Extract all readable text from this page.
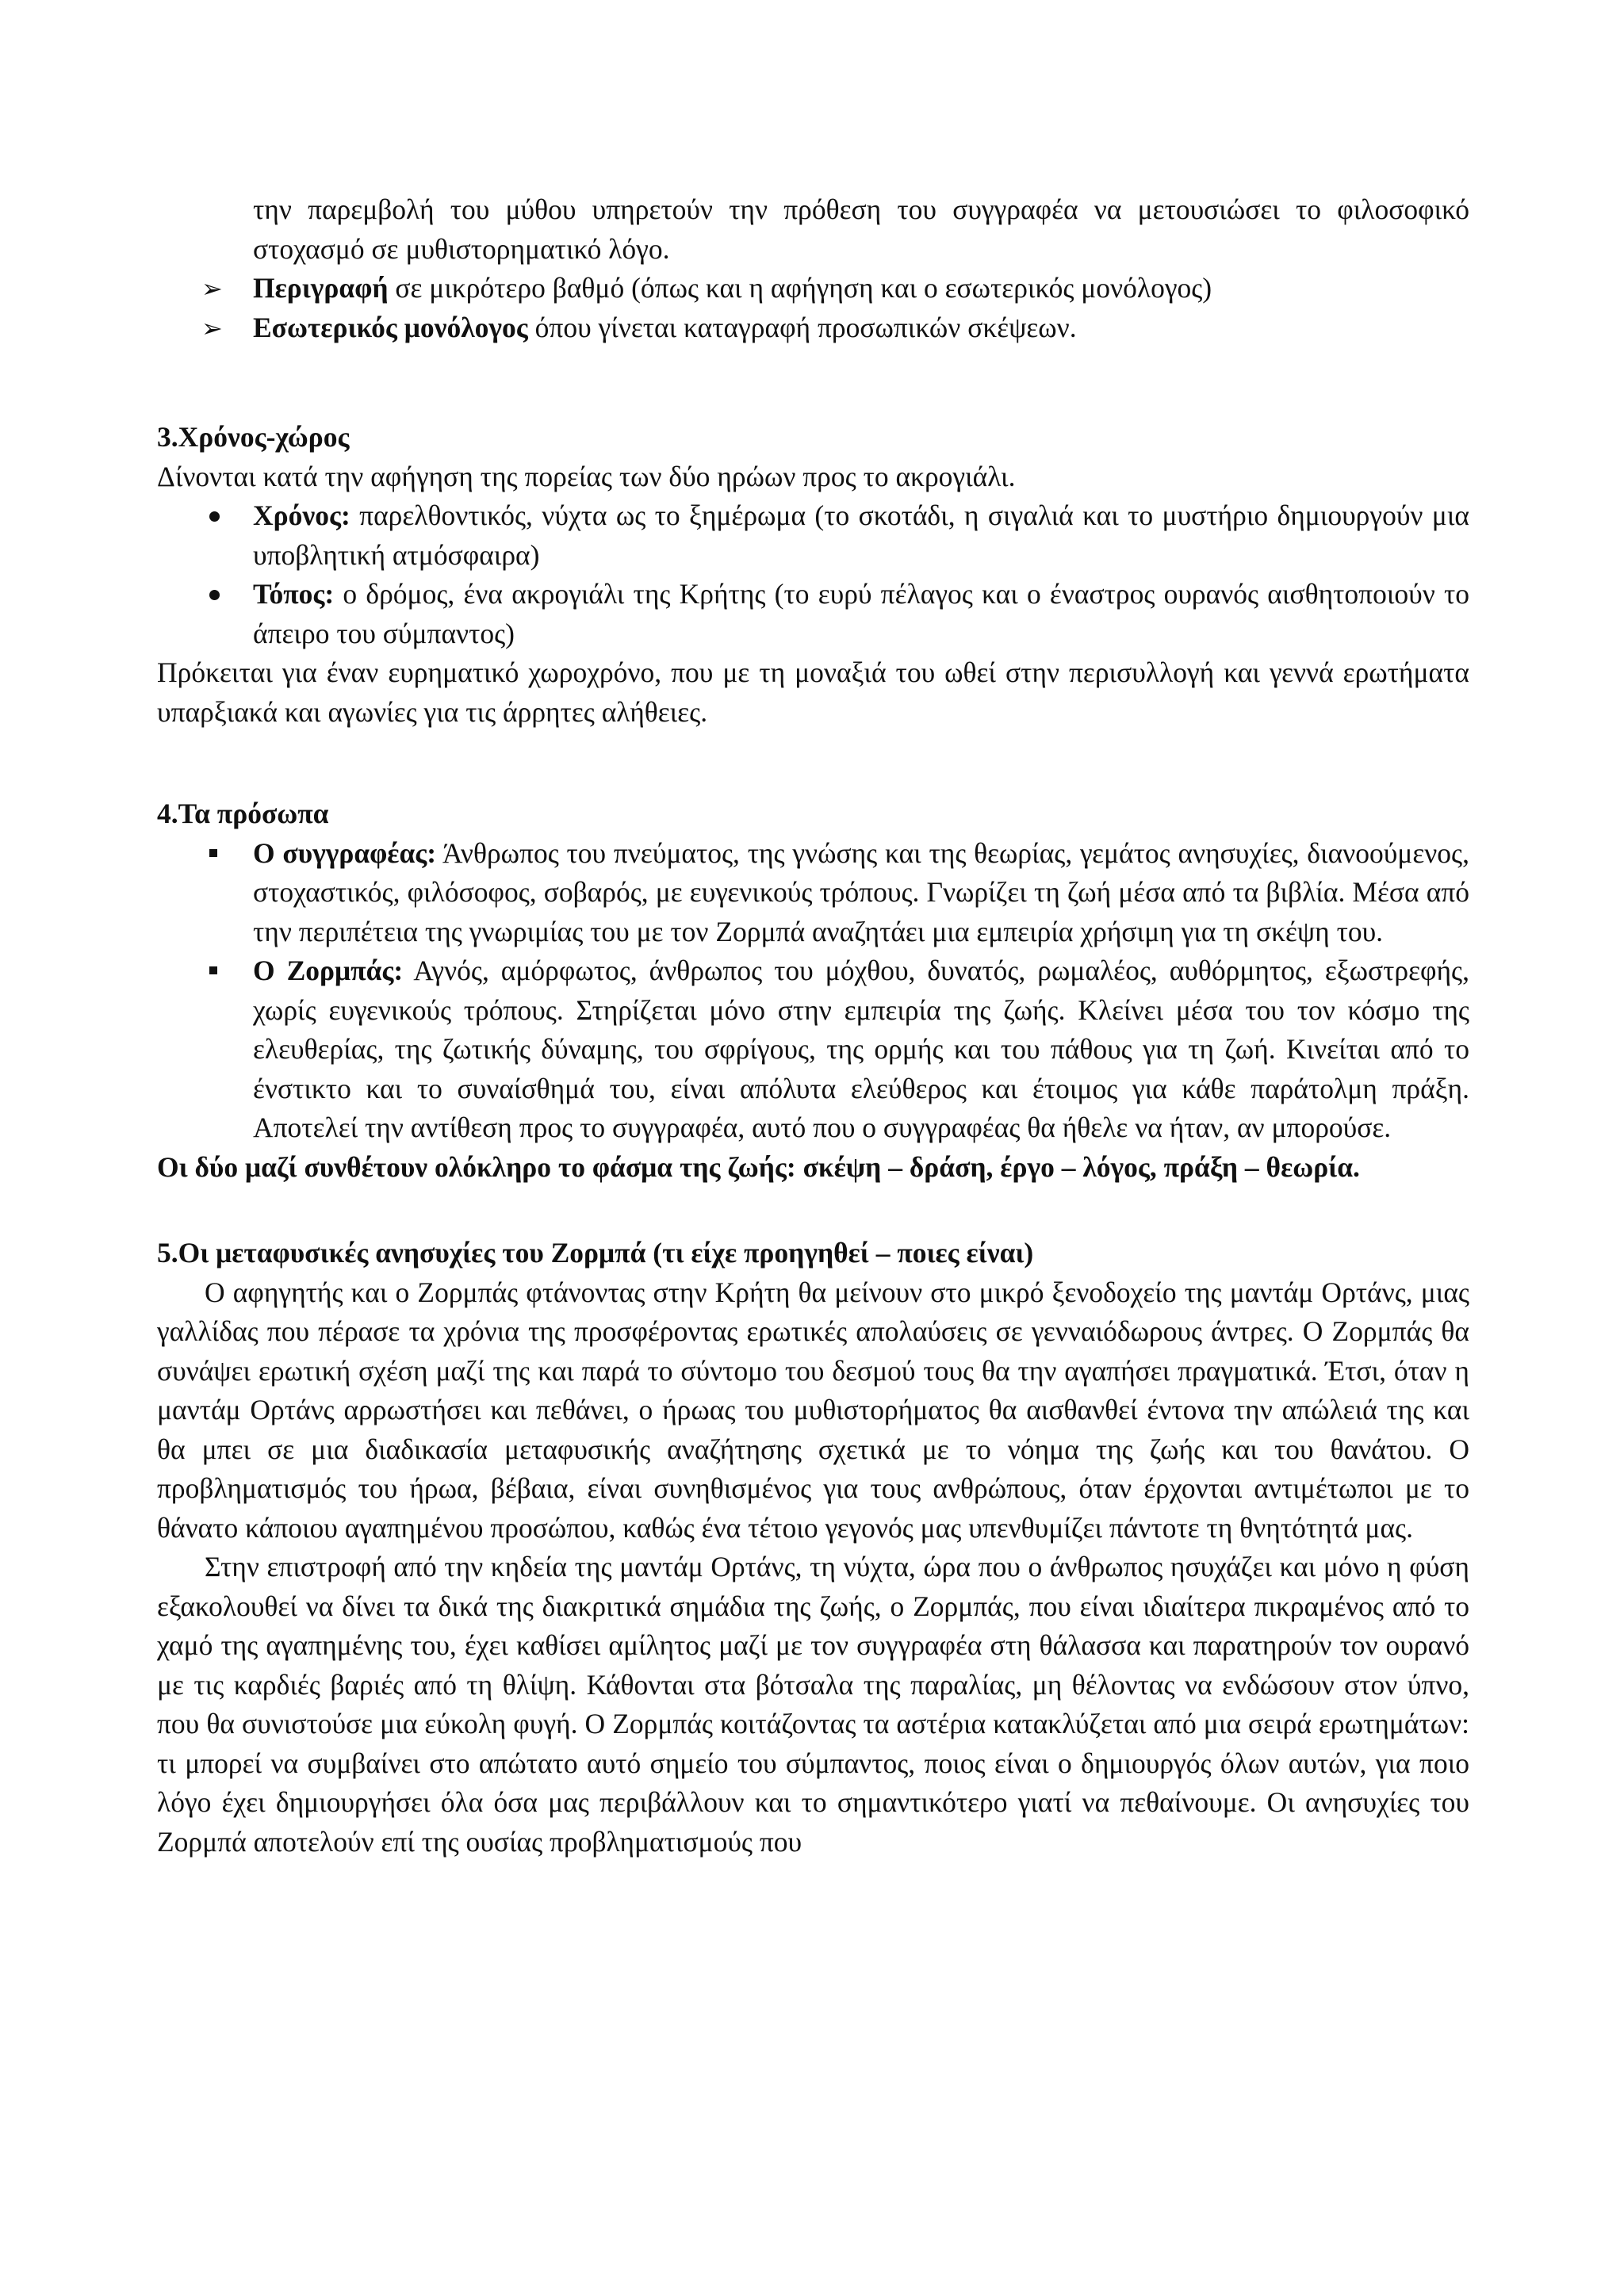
την παρεμβολή του μύθου υπηρετούν την πρόθεση του συγγραφέα να μετουσιώσει το φιλοσοφικό στοχασμό σε μυθιστορηματικό λόγο.

➢	Περιγραφή σε μικρότερο βαθμό (όπως και η αφήγηση και ο εσωτερικός μονόλογος)
➢	Εσωτερικός μονόλογος όπου γίνεται καταγραφή προσωπικών σκέψεων.

3.Χρόνος-χώρος

Δίνονται κατά την αφήγηση της πορείας των δύο ηρώων προς το ακρογιάλι.

Χρόνος: παρελθοντικός, νύχτα ως το ξημέρωμα (το σκοτάδι, η σιγαλιά και το μυστήριο δημιουργούν μια υποβλητική ατμόσφαιρα)
Τόπος: ο δρόμος, ένα ακρογιάλι της Κρήτης (το ευρύ πέλαγος και ο έναστρος ουρανός αισθητοποιούν το άπειρο του σύμπαντος)

Πρόκειται για έναν ευρηματικό χωροχρόνο, που με τη μοναξιά του ωθεί στην περισυλλογή και γεννά ερωτήματα υπαρξιακά και αγωνίες για τις άρρητες αλήθειες.

4.Τα πρόσωπα

Ο συγγραφέας: Άνθρωπος του πνεύματος, της γνώσης και της θεωρίας, γεμάτος ανησυχίες, διανοούμενος, στοχαστικός, φιλόσοφος, σοβαρός, με ευγενικούς τρόπους. Γνωρίζει τη ζωή μέσα από τα βιβλία. Μέσα από την περιπέτεια της γνωριμίας του με τον Ζορμπά αναζητάει μια εμπειρία χρήσιμη για τη σκέψη του.
Ο Ζορμπάς: Αγνός, αμόρφωτος, άνθρωπος του μόχθου, δυνατός, ρωμαλέος, αυθόρμητος, εξωστρεφής, χωρίς ευγενικούς τρόπους. Στηρίζεται μόνο στην εμπειρία της ζωής. Κλείνει μέσα του τον κόσμο της ελευθερίας, της ζωτικής δύναμης, του σφρίγους, της ορμής και του πάθους για τη ζωή. Κινείται από το ένστικτο και το συναίσθημά του, είναι απόλυτα ελεύθερος και έτοιμος για κάθε παράτολμη πράξη. Αποτελεί την αντίθεση προς το συγγραφέα, αυτό που ο συγγραφέας θα ήθελε να ήταν, αν μπορούσε.

Οι δύο μαζί συνθέτουν ολόκληρο το φάσμα της ζωής: σκέψη – δράση, έργο – λόγος, πράξη – θεωρία.

5.Οι μεταφυσικές ανησυχίες του Ζορμπά (τι είχε προηγηθεί – ποιες είναι)

Ο αφηγητής και ο Ζορμπάς φτάνοντας στην Κρήτη θα μείνουν στο μικρό ξενοδοχείο της μαντάμ Ορτάνς, μιας γαλλίδας που πέρασε τα χρόνια της προσφέροντας ερωτικές απολαύσεις σε γενναιόδωρους άντρες. Ο Ζορμπάς θα συνάψει ερωτική σχέση μαζί της και παρά το σύντομο του δεσμού τους θα την αγαπήσει πραγματικά. Έτσι, όταν η μαντάμ Ορτάνς αρρωστήσει και πεθάνει, ο ήρωας του μυθιστορήματος θα αισθανθεί έντονα την απώλειά της και θα μπει σε μια διαδικασία μεταφυσικής αναζήτησης σχετικά με το νόημα της ζωής και του θανάτου. Ο προβληματισμός του ήρωα, βέβαια, είναι συνηθισμένος για τους ανθρώπους, όταν έρχονται αντιμέτωποι με το θάνατο κάποιου αγαπημένου προσώπου, καθώς ένα τέτοιο γεγονός μας υπενθυμίζει πάντοτε τη θνητότητά μας.

Στην επιστροφή από την κηδεία της μαντάμ Ορτάνς, τη νύχτα, ώρα που ο άνθρωπος ησυχάζει και μόνο η φύση εξακολουθεί να δίνει τα δικά της διακριτικά σημάδια της ζωής, ο Ζορμπάς, που είναι ιδιαίτερα πικραμένος από το χαμό της αγαπημένης του, έχει καθίσει αμίλητος μαζί με τον συγγραφέα στη θάλασσα και παρατηρούν τον ουρανό με τις καρδιές βαριές από τη θλίψη. Κάθονται στα βότσαλα της παραλίας, μη θέλοντας να ενδώσουν στον ύπνο, που θα συνιστούσε μια εύκολη φυγή. Ο Ζορμπάς κοιτάζοντας τα αστέρια κατακλύζεται από μια σειρά ερωτημάτων: τι μπορεί να συμβαίνει στο απώτατο αυτό σημείο του σύμπαντος, ποιος είναι ο δημιουργός όλων αυτών, για ποιο λόγο έχει δημιουργήσει όλα όσα μας περιβάλλουν και το σημαντικότερο γιατί να πεθαίνουμε. Οι ανησυχίες του Ζορμπά αποτελούν επί της ουσίας προβληματισμούς που
